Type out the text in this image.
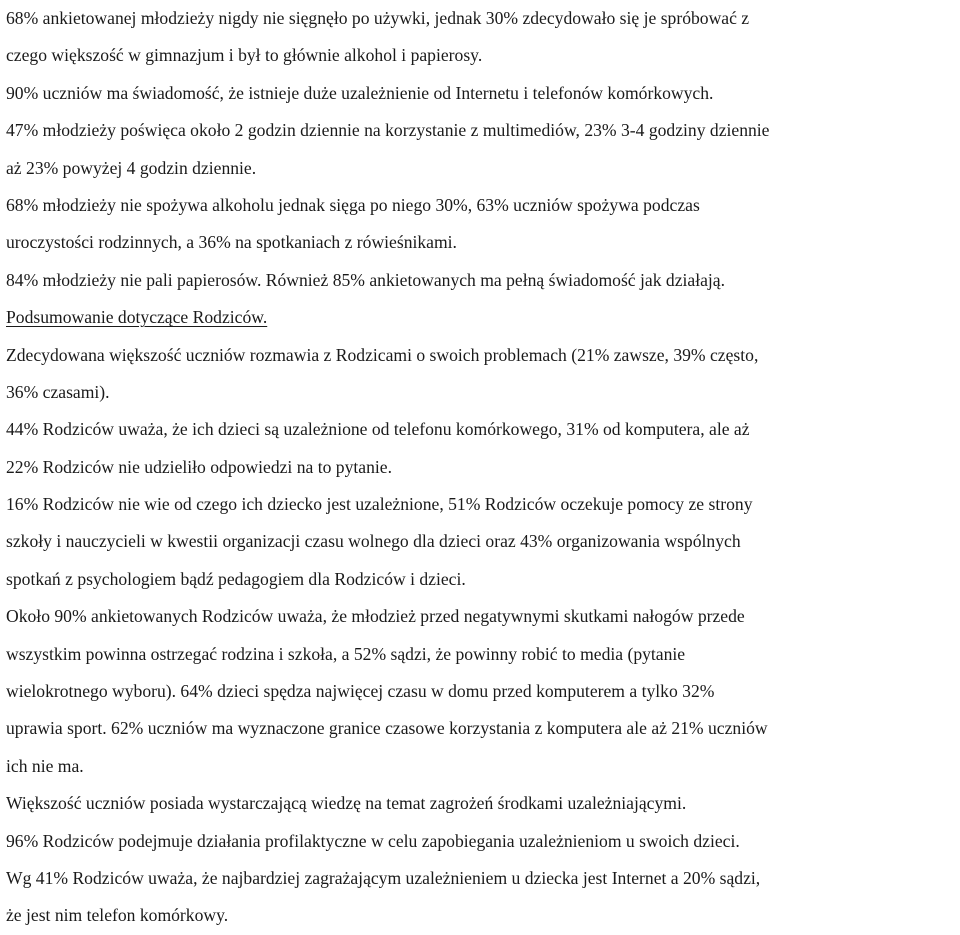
68% ankietowanej młodzieży nigdy nie sięgnęło po używki, jednak 30% zdecydowało się je spróbować z
czego większość w gimnazjum i był to głównie alkohol i papierosy.
90% uczniów ma świadomość, że istnieje duże uzależnienie od Internetu i telefonów komórkowych.
47% młodzieży poświęca około 2 godzin dziennie na korzystanie z multimediów, 23% 3-4 godziny dziennie
aż 23% powyżej 4 godzin dziennie.
68% młodzieży nie spożywa alkoholu jednak sięga po niego 30%, 63% uczniów spożywa podczas
uroczystości rodzinnych, a 36% na spotkaniach z rówieśnikami.
84% młodzieży nie pali papierosów. Również 85% ankietowanych ma pełną świadomość jak działają.
Podsumowanie dotyczące Rodziców.
Zdecydowana większość uczniów rozmawia z Rodzicami o swoich problemach (21% zawsze, 39% często,
36% czasami).
44% Rodziców uważa, że ich dzieci są uzależnione od telefonu komórkowego, 31% od komputera, ale aż
22% Rodziców nie udzieliło odpowiedzi na to pytanie.
16% Rodziców nie wie od czego ich dziecko jest uzależnione, 51% Rodziców oczekuje pomocy ze strony
szkoły i nauczycieli w kwestii organizacji czasu wolnego dla dzieci oraz 43% organizowania wspólnych
spotkań z psychologiem bądź pedagogiem dla Rodziców i dzieci.
Około 90% ankietowanych Rodziców uważa, że młodzież przed negatywnymi skutkami nałogów przede
wszystkim powinna ostrzegać rodzina i szkoła, a 52% sądzi, że powinny robić to media (pytanie
wielokrotnego wyboru). 64% dzieci spędza najwięcej czasu w domu przed komputerem a tylko 32%
uprawia sport. 62% uczniów ma wyznaczone granice czasowe korzystania z komputera ale aż 21% uczniów
ich nie ma.
Większość uczniów posiada wystarczającą wiedzę na temat zagrożeń środkami uzależniającymi.
96% Rodziców podejmuje działania profilaktyczne w celu zapobiegania uzależnieniom u swoich dzieci.
Wg 41% Rodziców uważa, że najbardziej zagrażającym uzależnieniem u dziecka jest Internet a 20% sądzi,
że jest nim telefon komórkowy.
